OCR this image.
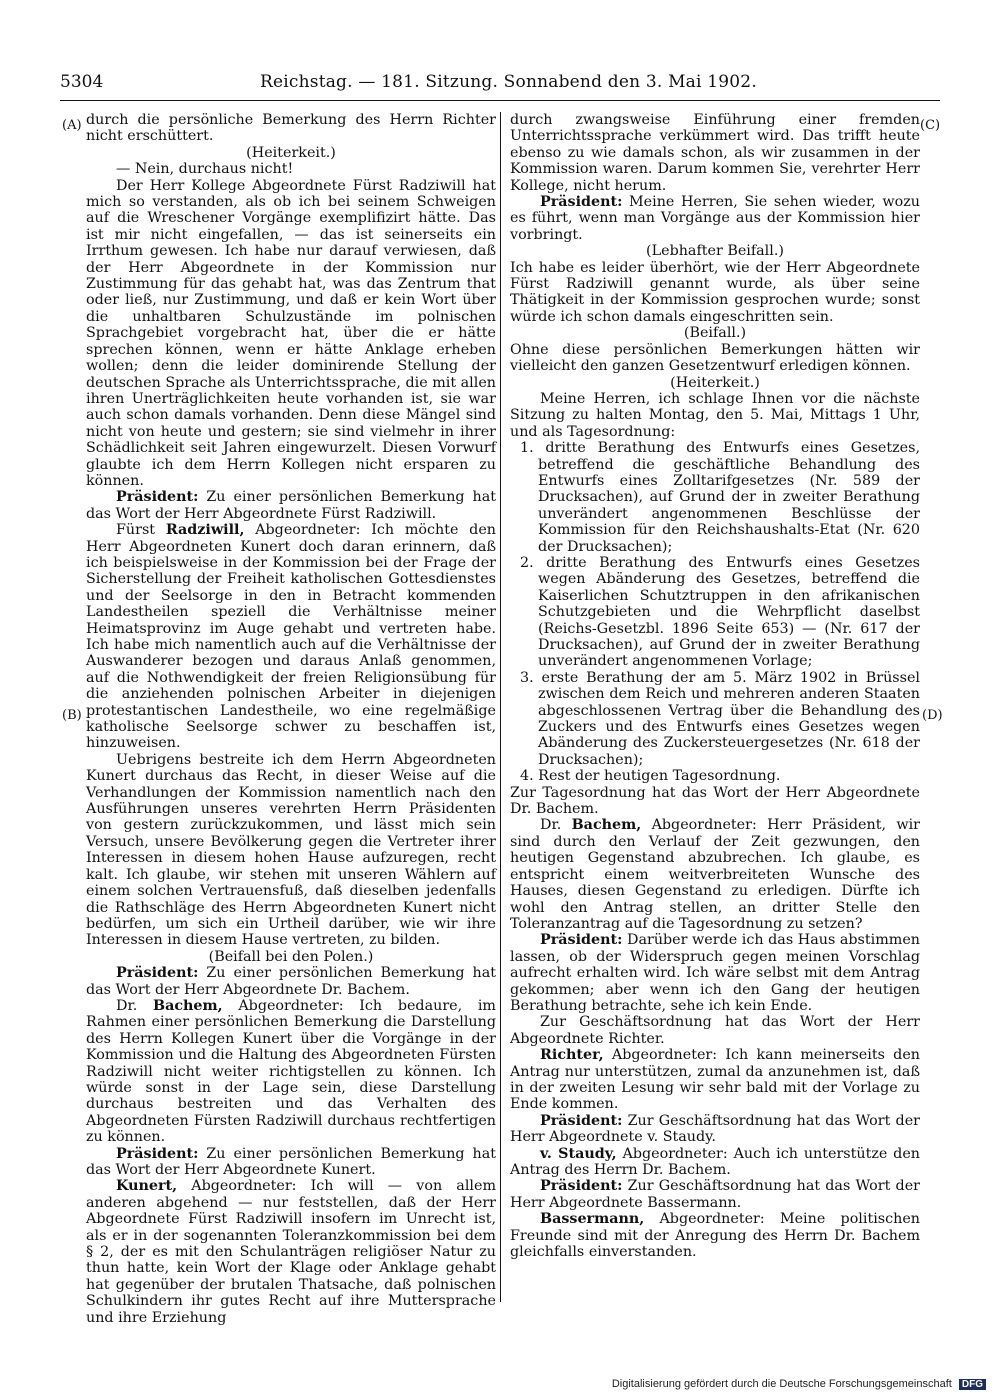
5304	Reichstag. — 181. Sitzung. Sonnabend den 3. Mai 1902.
(A)
(B)
(C)
(D)

durch die persönliche Bemerkung des Herrn Richter nicht erschüttert.

(Heiterkeit.)

— Nein, durchaus nicht!

Der Herr Kollege Abgeordnete Fürst Radziwill hat mich so verstanden, als ob ich bei seinem Schweigen auf die Wreschener Vorgänge exemplifizirt hätte. Das ist mir nicht eingefallen, — das ist seinerseits ein Irrthum gewesen. Ich habe nur darauf verwiesen, daß der Herr Abgeordnete in der Kommission nur Zustimmung für das gehabt hat, was das Zentrum that oder ließ, nur Zustimmung, und daß er kein Wort über die unhaltbaren Schulzustände im polnischen Sprachgebiet vorgebracht hat, über die er hätte sprechen können, wenn er hätte Anklage erheben wollen; denn die leider dominirende Stellung der deutschen Sprache als Unterrichtssprache, die mit allen ihren Unerträglichkeiten heute vorhanden ist, sie war auch schon damals vorhanden. Denn diese Mängel sind nicht von heute und gestern; sie sind vielmehr in ihrer Schädlichkeit seit Jahren eingewurzelt. Diesen Vorwurf glaubte ich dem Herrn Kollegen nicht ersparen zu können.

Präsident: Zu einer persönlichen Bemerkung hat das Wort der Herr Abgeordnete Fürst Radziwill.

Fürst Radziwill, Abgeordneter: Ich möchte den Herr Abgeordneten Kunert doch daran erinnern, daß ich beispielsweise in der Kommission bei der Frage der Sicherstellung der Freiheit katholischen Gottesdienstes und der Seelsorge in den in Betracht kommenden Landestheilen speziell die Verhältnisse meiner Heimatsprovinz im Auge gehabt und vertreten habe. Ich habe mich namentlich auch auf die Verhältnisse der Auswanderer bezogen und daraus Anlaß genommen, auf die Nothwendigkeit der freien Religionsübung für die anziehenden polnischen Arbeiter in diejenigen protestantischen Landestheile, wo eine regelmäßige katholische Seelsorge schwer zu beschaffen ist, hinzuweisen.

Uebrigens bestreite ich dem Herrn Abgeordneten Kunert durchaus das Recht, in dieser Weise auf die Verhandlungen der Kommission namentlich nach den Ausführungen unseres verehrten Herrn Präsidenten von gestern zurückzukommen, und lässt mich sein Versuch, unsere Bevölkerung gegen die Vertreter ihrer Interessen in diesem hohen Hause aufzuregen, recht kalt. Ich glaube, wir stehen mit unseren Wählern auf einem solchen Vertrauensfuß, daß dieselben jedenfalls die Rathschläge des Herrn Abgeordneten Kunert nicht bedürfen, um sich ein Urtheil darüber, wie wir ihre Interessen in diesem Hause vertreten, zu bilden.

(Beifall bei den Polen.)

Präsident: Zu einer persönlichen Bemerkung hat das Wort der Herr Abgeordnete Dr. Bachem.

Dr. Bachem, Abgeordneter: Ich bedaure, im Rahmen einer persönlichen Bemerkung die Darstellung des Herrn Kollegen Kunert über die Vorgänge in der Kommission und die Haltung des Abgeordneten Fürsten Radziwill nicht weiter richtigstellen zu können. Ich würde sonst in der Lage sein, diese Darstellung durchaus bestreiten und das Verhalten des Abgeordneten Fürsten Radziwill durchaus rechtfertigen zu können.

Präsident: Zu einer persönlichen Bemerkung hat das Wort der Herr Abgeordnete Kunert.

Kunert, Abgeordneter: Ich will — von allem anderen abgehend — nur feststellen, daß der Herr Abgeordnete Fürst Radziwill insofern im Unrecht ist, als er in der sogenannten Toleranzkommission bei dem § 2, der es mit den Schulanträgen religiöser Natur zu thun hatte, kein Wort der Klage oder Anklage gehabt hat gegenüber der brutalen Thatsache, daß polnischen Schulkindern ihr gutes Recht auf ihre Muttersprache und ihre Erziehung

durch zwangsweise Einführung einer fremden Unterrichtssprache verkümmert wird. Das trifft heute ebenso zu wie damals schon, als wir zusammen in der Kommission waren. Darum kommen Sie, verehrter Herr Kollege, nicht herum.

Präsident: Meine Herren, Sie sehen wieder, wozu es führt, wenn man Vorgänge aus der Kommission hier vorbringt.

(Lebhafter Beifall.)

Ich habe es leider überhört, wie der Herr Abgeordnete Fürst Radziwill genannt wurde, als über seine Thätigkeit in der Kommission gesprochen wurde; sonst würde ich schon damals eingeschritten sein.

(Beifall.)

Ohne diese persönlichen Bemerkungen hätten wir vielleicht den ganzen Gesetzentwurf erledigen können.

(Heiterkeit.)

Meine Herren, ich schlage Ihnen vor die nächste Sitzung zu halten Montag, den 5. Mai, Mittags 1 Uhr, und als Tagesordnung:

1. dritte Berathung des Entwurfs eines Gesetzes, betreffend die geschäftliche Behandlung des Entwurfs eines Zolltarifgesetzes (Nr. 589 der Drucksachen), auf Grund der in zweiter Berathung unverändert angenommenen Beschlüsse der Kommission für den Reichshaushalts-Etat (Nr. 620 der Drucksachen);

2. dritte Berathung des Entwurfs eines Gesetzes wegen Abänderung des Gesetzes, betreffend die Kaiserlichen Schutztruppen in den afrikanischen Schutzgebieten und die Wehrpflicht daselbst (Reichs-Gesetzbl. 1896 Seite 653) — (Nr. 617 der Drucksachen), auf Grund der in zweiter Berathung unverändert angenommenen Vorlage;

3. erste Berathung der am 5. März 1902 in Brüssel zwischen dem Reich und mehreren anderen Staaten abgeschlossenen Vertrag über die Behandlung des Zuckers und des Entwurfs eines Gesetzes wegen Abänderung des Zuckersteuergesetzes (Nr. 618 der Drucksachen);

4. Rest der heutigen Tagesordnung.

Zur Tagesordnung hat das Wort der Herr Abgeordnete Dr. Bachem.

Dr. Bachem, Abgeordneter: Herr Präsident, wir sind durch den Verlauf der Zeit gezwungen, den heutigen Gegenstand abzubrechen. Ich glaube, es entspricht einem weitverbreiteten Wunsche des Hauses, diesen Gegenstand zu erledigen. Dürfte ich wohl den Antrag stellen, an dritter Stelle den Toleranzantrag auf die Tagesordnung zu setzen?

Präsident: Darüber werde ich das Haus abstimmen lassen, ob der Widerspruch gegen meinen Vorschlag aufrecht erhalten wird. Ich wäre selbst mit dem Antrag gekommen; aber wenn ich den Gang der heutigen Berathung betrachte, sehe ich kein Ende.

Zur Geschäftsordnung hat das Wort der Herr Abgeordnete Richter.

Richter, Abgeordneter: Ich kann meinerseits den Antrag nur unterstützen, zumal da anzunehmen ist, daß in der zweiten Lesung wir sehr bald mit der Vorlage zu Ende kommen.

Präsident: Zur Geschäftsordnung hat das Wort der Herr Abgeordnete v. Staudy.

v. Staudy, Abgeordneter: Auch ich unterstütze den Antrag des Herrn Dr. Bachem.

Präsident: Zur Geschäftsordnung hat das Wort der Herr Abgeordnete Bassermann.

Bassermann, Abgeordneter: Meine politischen Freunde sind mit der Anregung des Herrn Dr. Bachem gleichfalls einverstanden.

Digitalisierung gefördert durch die Deutsche Forschungsgemeinschaft DFG
